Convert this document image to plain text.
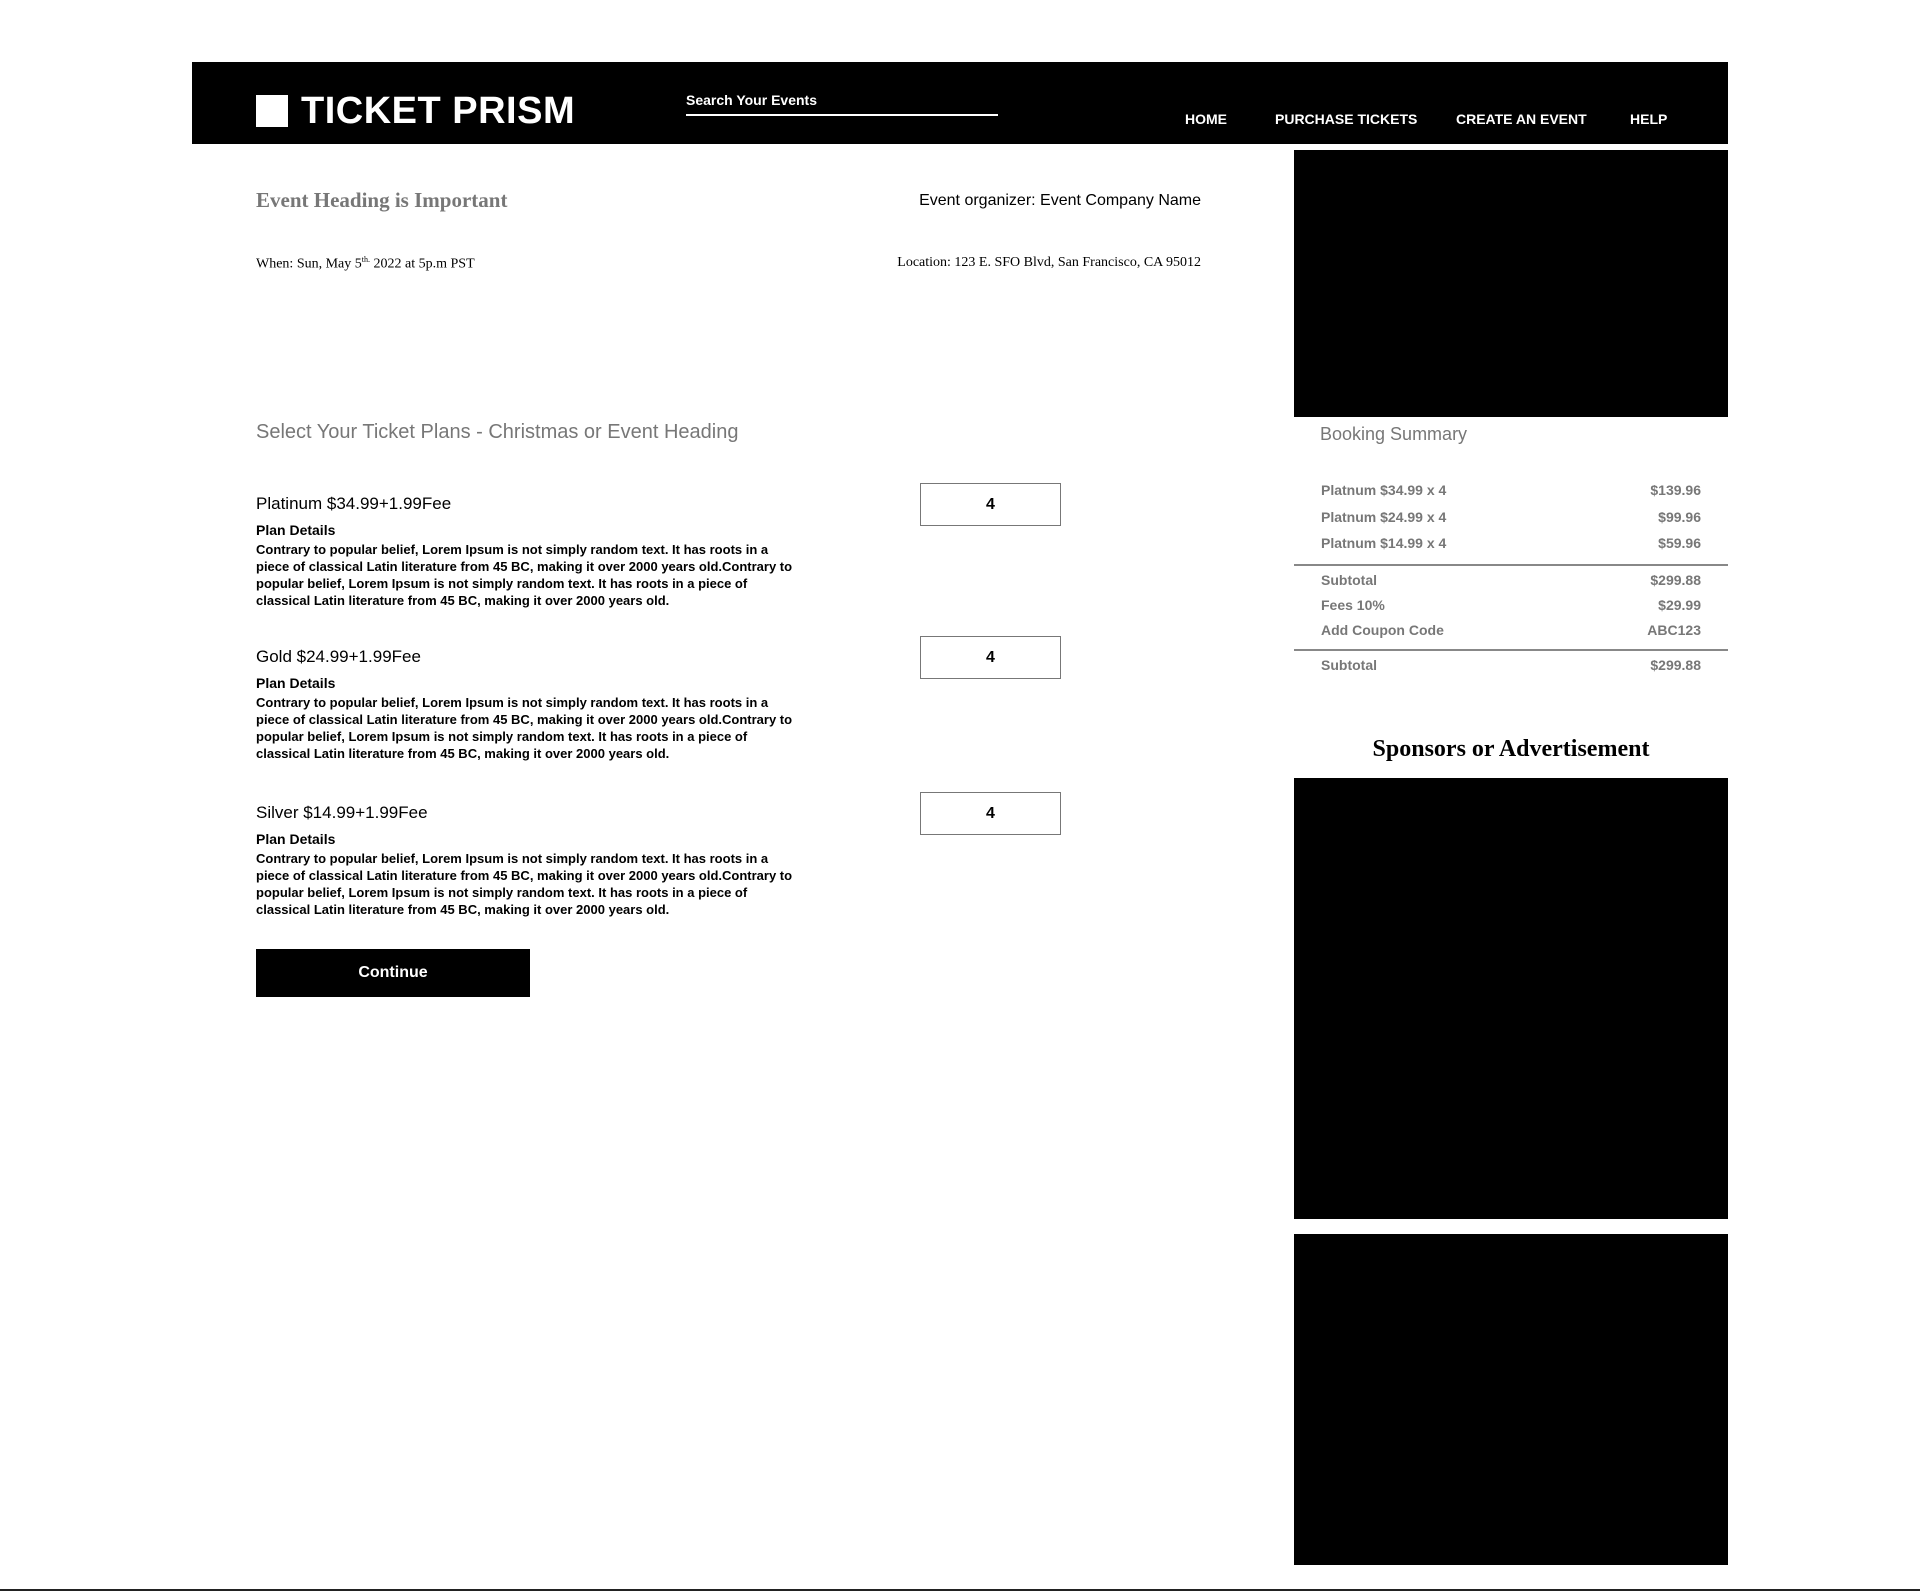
TICKET PRISM
Search Your Events	HOME	PURCHASE TICKETS	CREATE AN EVENT	HELP
Event Heading is Important	Event organizer: Event Company Name
When: Sun, May $5^{th.}$ 2022 at 5p.m PST	Location: 123 E. SFO Blvd, San Francisco, CA 95012
Select Your Ticket Plans - Christmas or Event Heading
Platinum $34.99+1.99Fee
Plan Details
Contrary to popular belief, Lorem Ipsum is not simply random text. It has roots in a piece of classical Latin literature from 45 BC, making it over 2000 years old.Contrary to popular belief, Lorem Ipsum is not simply random text. It has roots in a piece of classical Latin literature from 45 BC, making it over 2000 years old.
4
Gold $24.99+1.99Fee
Plan Details
Contrary to popular belief, Lorem Ipsum is not simply random text. It has roots in a piece of classical Latin literature from 45 BC, making it over 2000 years old.Contrary to popular belief, Lorem Ipsum is not simply random text. It has roots in a piece of classical Latin literature from 45 BC, making it over 2000 years old.
4
Silver $14.99+1.99Fee
Plan Details
Contrary to popular belief, Lorem Ipsum is not simply random text. It has roots in a piece of classical Latin literature from 45 BC, making it over 2000 years old.Contrary to popular belief, Lorem Ipsum is not simply random text. It has roots in a piece of classical Latin literature from 45 BC, making it over 2000 years old.
4
Continue
Booking Summary
Platnum $34.99 x 4	$139.96
Platnum $24.99 x 4	$99.96
Platnum $14.99 x 4	$59.96
Subtotal	$299.88
Fees 10%	$29.99
Add Coupon Code	ABC123
Subtotal	$299.88
Sponsors or Advertisement
